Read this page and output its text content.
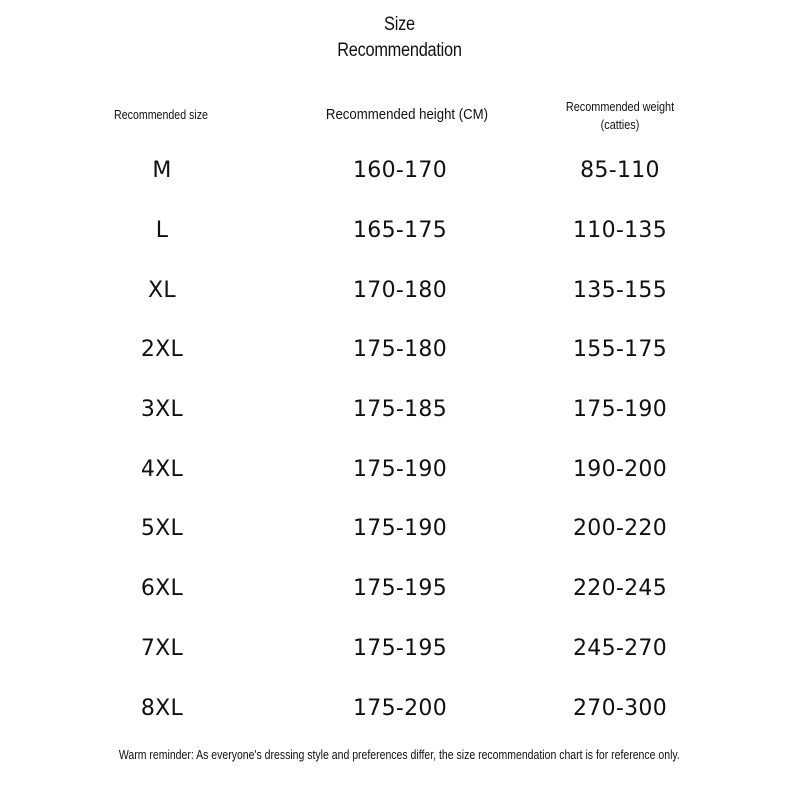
Size
Recommendation
Recommended size	Recommended height (CM)	Recommended weight
(catties)
M	160-170	85-110
L	165-175	110-135
XL	170-180	135-155
2XL	175-180	155-175
3XL	175-185	175-190
4XL	175-190	190-200
5XL	175-190	200-220
6XL	175-195	220-245
7XL	175-195	245-270
8XL	175-200	270-300
Warm reminder: As everyone's dressing style and preferences differ, the size recommendation chart is for reference only.
